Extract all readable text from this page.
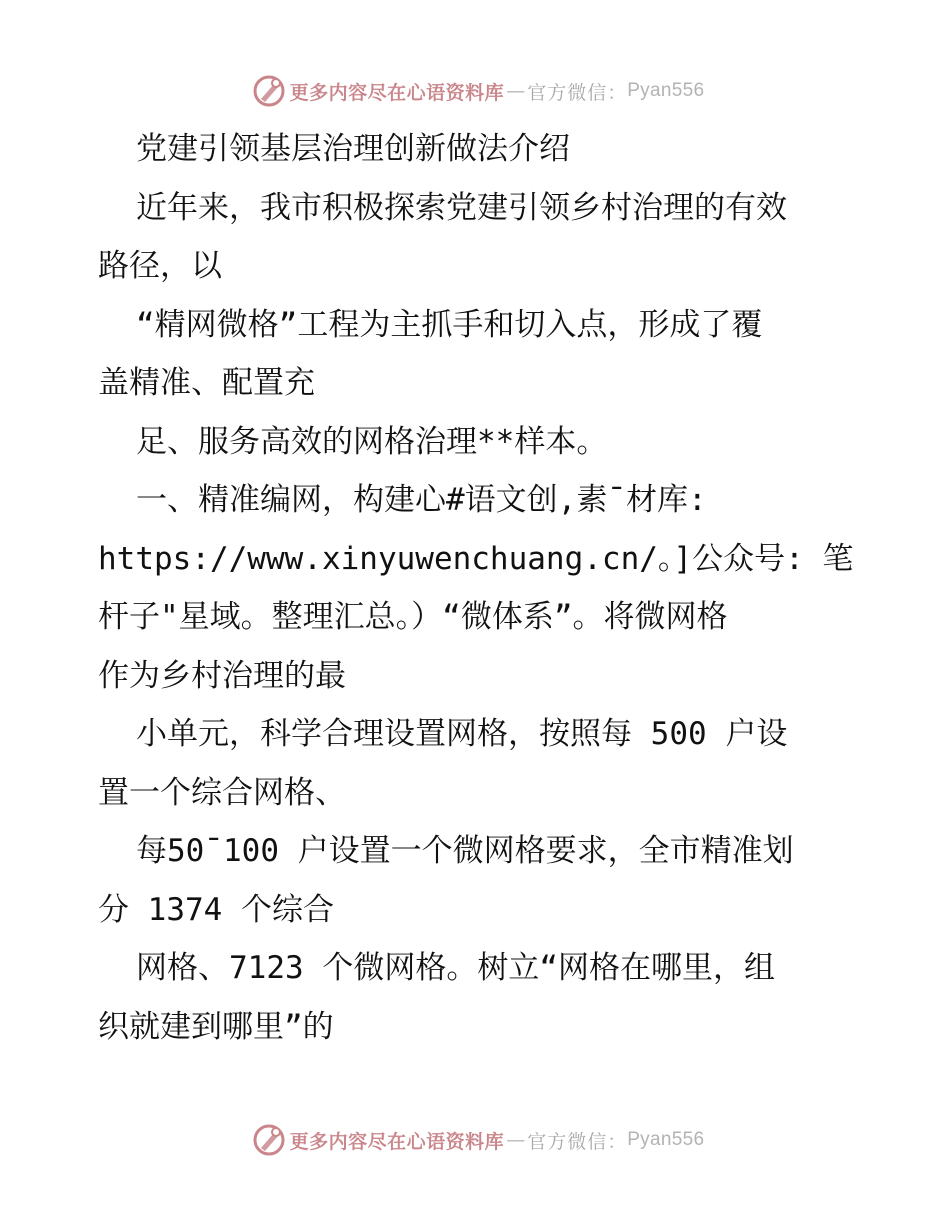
更多内容尽在心语资料库 — 官方微信： Pyan556

党建引领基层治理创新做法介绍

近年来，我市积极探索党建引领乡村治理的有效

路径，以

“精网微格”工程为主抓手和切入点，形成了覆

盖精准、配置充

足、服务高效的网格治理**样本。

一、精准编网，构建心#语文创,素¯材库:

https://www.xinyuwenchuang.cn/。]公众号: 笔

杆子"星域。整理汇总。）“微体系”。将微网格

作为乡村治理的最

小单元，科学合理设置网格，按照每 500 户设

置一个综合网格、

每50¯100 户设置一个微网格要求，全市精准划

分 1374 个综合

网格、7123 个微网格。树立“网格在哪里，组

织就建到哪里”的

更多内容尽在心语资料库 — 官方微信： Pyan556
